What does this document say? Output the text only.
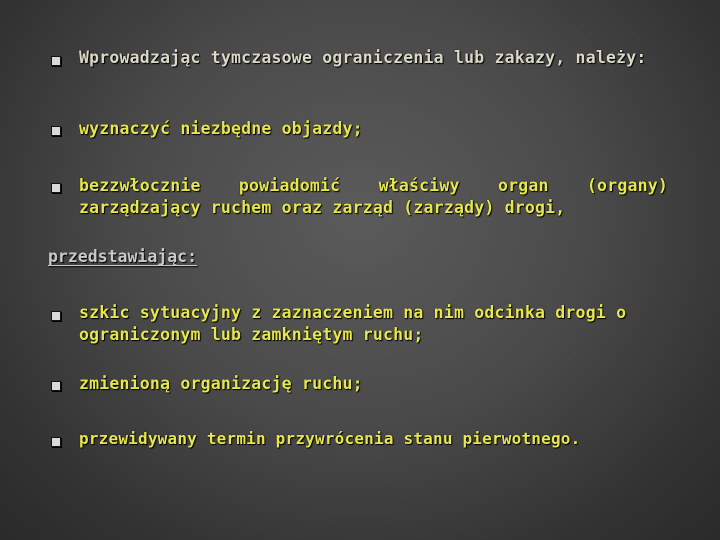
Wprowadzając tymczasowe ograniczenia lub zakazy, należy:
wyznaczyć niezbędne objazdy;
bezzwłocznie powiadomić właściwy organ (organy) zarządzający ruchem oraz zarząd (zarządy) drogi,
przedstawiając:
szkic sytuacyjny z zaznaczeniem na nim odcinka drogi o ograniczonym lub zamkniętym ruchu;
zmienioną organizację ruchu;
przewidywany termin przywrócenia stanu pierwotnego.
